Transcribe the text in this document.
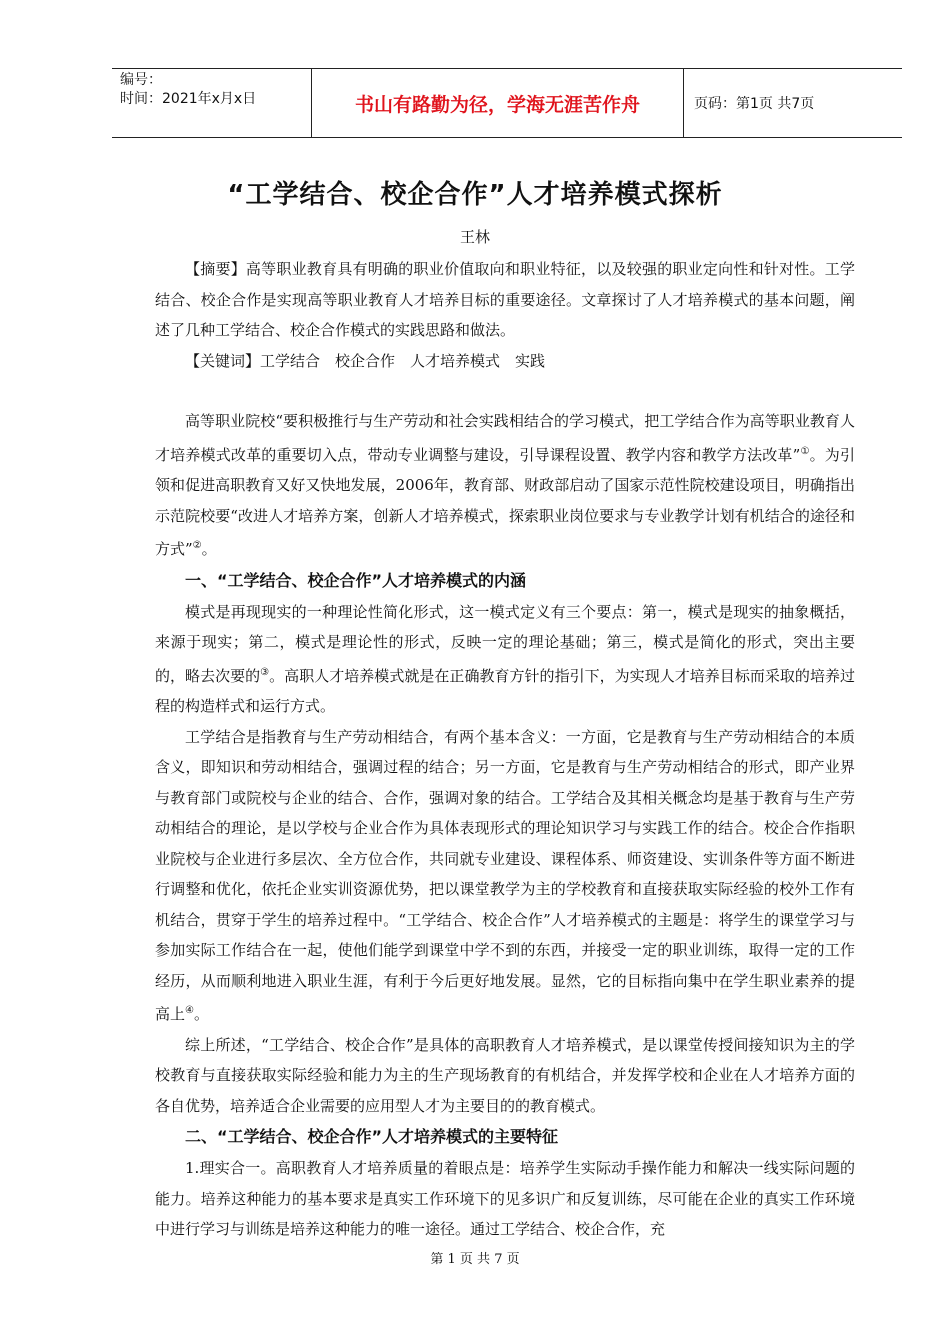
编号：
时间：2021年x月x日	书山有路勤为径，学海无涯苦作舟	页码：第1页 共7页
“工学结合、校企合作”人才培养模式探析
王林

【摘要】高等职业教育具有明确的职业价值取向和职业特征，以及较强的职业定向性和针对性。工学结合、校企合作是实现高等职业教育人才培养目标的重要途径。文章探讨了人才培养模式的基本问题，阐述了几种工学结合、校企合作模式的实践思路和做法。

【关键词】工学结合　校企合作　人才培养模式　实践

高等职业院校“要积极推行与生产劳动和社会实践相结合的学习模式，把工学结合作为高等职业教育人才培养模式改革的重要切入点，带动专业调整与建设，引导课程设置、教学内容和教学方法改革”①。为引领和促进高职教育又好又快地发展，2006年，教育部、财政部启动了国家示范性院校建设项目，明确指出示范院校要“改进人才培养方案，创新人才培养模式，探索职业岗位要求与专业教学计划有机结合的途径和方式”②。

一、“工学结合、校企合作”人才培养模式的内涵

模式是再现现实的一种理论性简化形式，这一模式定义有三个要点：第一，模式是现实的抽象概括，来源于现实；第二，模式是理论性的形式，反映一定的理论基础；第三，模式是简化的形式，突出主要的，略去次要的③。高职人才培养模式就是在正确教育方针的指引下，为实现人才培养目标而采取的培养过程的构造样式和运行方式。

工学结合是指教育与生产劳动相结合，有两个基本含义：一方面，它是教育与生产劳动相结合的本质含义，即知识和劳动相结合，强调过程的结合；另一方面，它是教育与生产劳动相结合的形式，即产业界与教育部门或院校与企业的结合、合作，强调对象的结合。工学结合及其相关概念均是基于教育与生产劳动相结合的理论，是以学校与企业合作为具体表现形式的理论知识学习与实践工作的结合。校企合作指职业院校与企业进行多层次、全方位合作，共同就专业建设、课程体系、师资建设、实训条件等方面不断进行调整和优化，依托企业实训资源优势，把以课堂教学为主的学校教育和直接获取实际经验的校外工作有机结合，贯穿于学生的培养过程中。“工学结合、校企合作”人才培养模式的主题是：将学生的课堂学习与参加实际工作结合在一起，使他们能学到课堂中学不到的东西，并接受一定的职业训练，取得一定的工作经历，从而顺利地进入职业生涯，有利于今后更好地发展。显然，它的目标指向集中在学生职业素养的提高上④。

综上所述，“工学结合、校企合作”是具体的高职教育人才培养模式，是以课堂传授间接知识为主的学校教育与直接获取实际经验和能力为主的生产现场教育的有机结合，并发挥学校和企业在人才培养方面的各自优势，培养适合企业需要的应用型人才为主要目的的教育模式。

二、“工学结合、校企合作”人才培养模式的主要特征

1.理实合一。高职教育人才培养质量的着眼点是：培养学生实际动手操作能力和解决一线实际问题的能力。培养这种能力的基本要求是真实工作环境下的见多识广和反复训练，尽可能在企业的真实工作环境中进行学习与训练是培养这种能力的唯一途径。通过工学结合、校企合作，充

第 1 页 共 7 页
